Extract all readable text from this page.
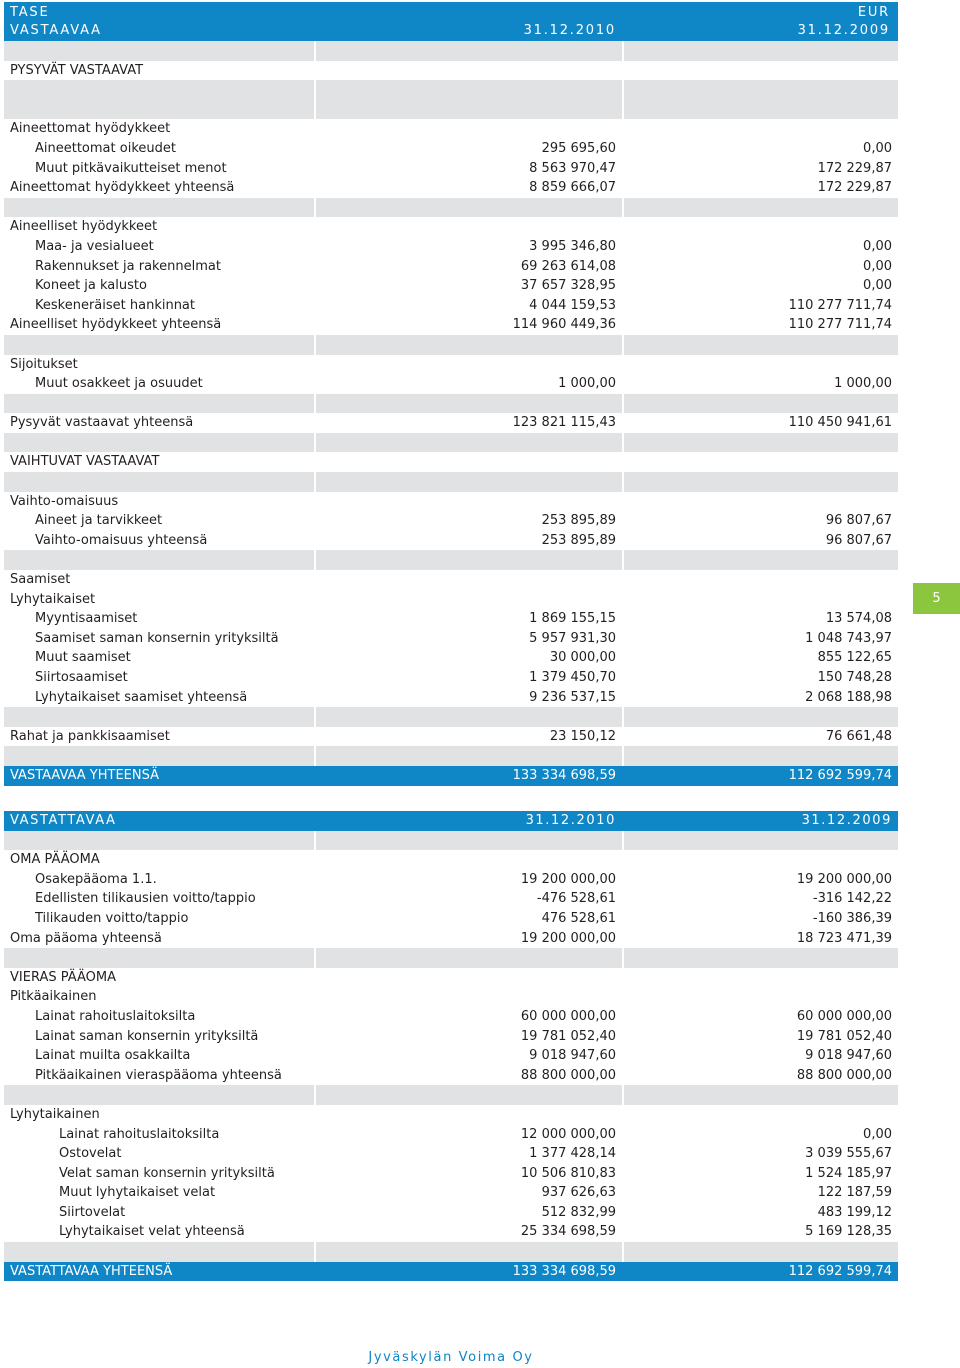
TASE	EUR
VASTAAVAA	31.12.2010	31.12.2009
PYSYVÄT VASTAAVAT
Aineettomat hyödykkeet
Aineettomat oikeudet	295 695,60	0,00
Muut pitkävaikutteiset menot	8 563 970,47	172 229,87
Aineettomat hyödykkeet yhteensä	8 859 666,07	172 229,87
Aineelliset hyödykkeet
Maa- ja vesialueet	3 995 346,80	0,00
Rakennukset ja rakennelmat	69 263 614,08	0,00
Koneet ja kalusto	37 657 328,95	0,00
Keskeneräiset hankinnat	4 044 159,53	110 277 711,74
Aineelliset hyödykkeet yhteensä	114 960 449,36	110 277 711,74
Sijoitukset
Muut osakkeet ja osuudet	1 000,00	1 000,00
Pysyvät vastaavat yhteensä	123 821 115,43	110 450 941,61
VAIHTUVAT VASTAAVAT
Vaihto-omaisuus
Aineet ja tarvikkeet	253 895,89	96 807,67
Vaihto-omaisuus yhteensä	253 895,89	96 807,67
Saamiset
Lyhytaikaiset
Myyntisaamiset	1 869 155,15	13 574,08
Saamiset saman konsernin yrityksiltä	5 957 931,30	1 048 743,97
Muut saamiset	30 000,00	855 122,65
Siirtosaamiset	1 379 450,70	150 748,28
Lyhytaikaiset saamiset yhteensä	9 236 537,15	2 068 188,98
Rahat ja pankkisaamiset	23 150,12	76 661,48
VASTAAVAA YHTEENSÄ	133 334 698,59	112 692 599,74
VASTATTAVAA	31.12.2010	31.12.2009
OMA PÄÄOMA
Osakepääoma 1.1.	19 200 000,00	19 200 000,00
Edellisten tilikausien voitto/tappio	-476 528,61	-316 142,22
Tilikauden voitto/tappio	476 528,61	-160 386,39
Oma pääoma yhteensä	19 200 000,00	18 723 471,39
VIERAS PÄÄOMA
Pitkäaikainen
Lainat rahoituslaitoksilta	60 000 000,00	60 000 000,00
Lainat saman konsernin yrityksiltä	19 781 052,40	19 781 052,40
Lainat muilta osakkailta	9 018 947,60	9 018 947,60
Pitkäaikainen vieraspääoma yhteensä	88 800 000,00	88 800 000,00
Lyhytaikainen
Lainat rahoituslaitoksilta	12 000 000,00	0,00
Ostovelat	1 377 428,14	3 039 555,67
Velat saman konsernin yrityksiltä	10 506 810,83	1 524 185,97
Muut lyhytaikaiset velat	937 626,63	122 187,59
Siirtovelat	512 832,99	483 199,12
Lyhytaikaiset velat yhteensä	25 334 698,59	5 169 128,35
VASTATTAVAA YHTEENSÄ	133 334 698,59	112 692 599,74
5
Jyväskylän Voima Oy
